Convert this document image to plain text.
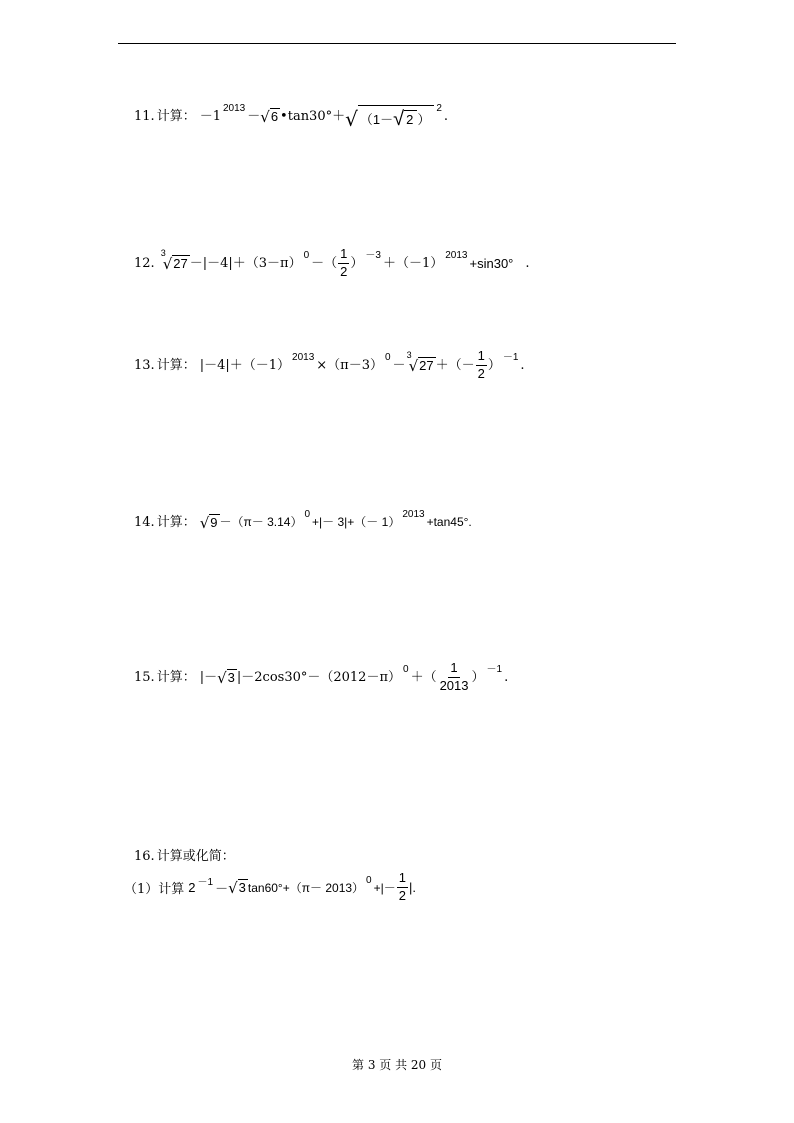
11. 计算： －1 2013 － √ 6 •tan30°＋ √ （1－ √ 2 ）
2 .
12.
3
√ 27 －|－4|＋（3－π） 0 －（ $\frac{1}{2}$ ） －3 ＋（－1） 2013 +sin30° .
13. 计算： |－4|＋（－1） 2013 ×（π－3） 0 －
3
√ 27 ＋（－ $\frac{1}{2}$ ） －1 .
14. 计算： √ 9 －（π－ 3.14）
0
+|－ 3|+（－ 1）
2013
+tan45°.
15. 计算： |－ √ 3 |－2cos30°－（2012－π） 0 ＋（ $\frac{1}{2013}$ ） －1 .
16. 计算或化简：
（1）计算 2 －1 － √ 3 tan60°+（π－ 2013）
0
+|－ $\frac{1}{2}$ |.
第 3 页 共 20 页
